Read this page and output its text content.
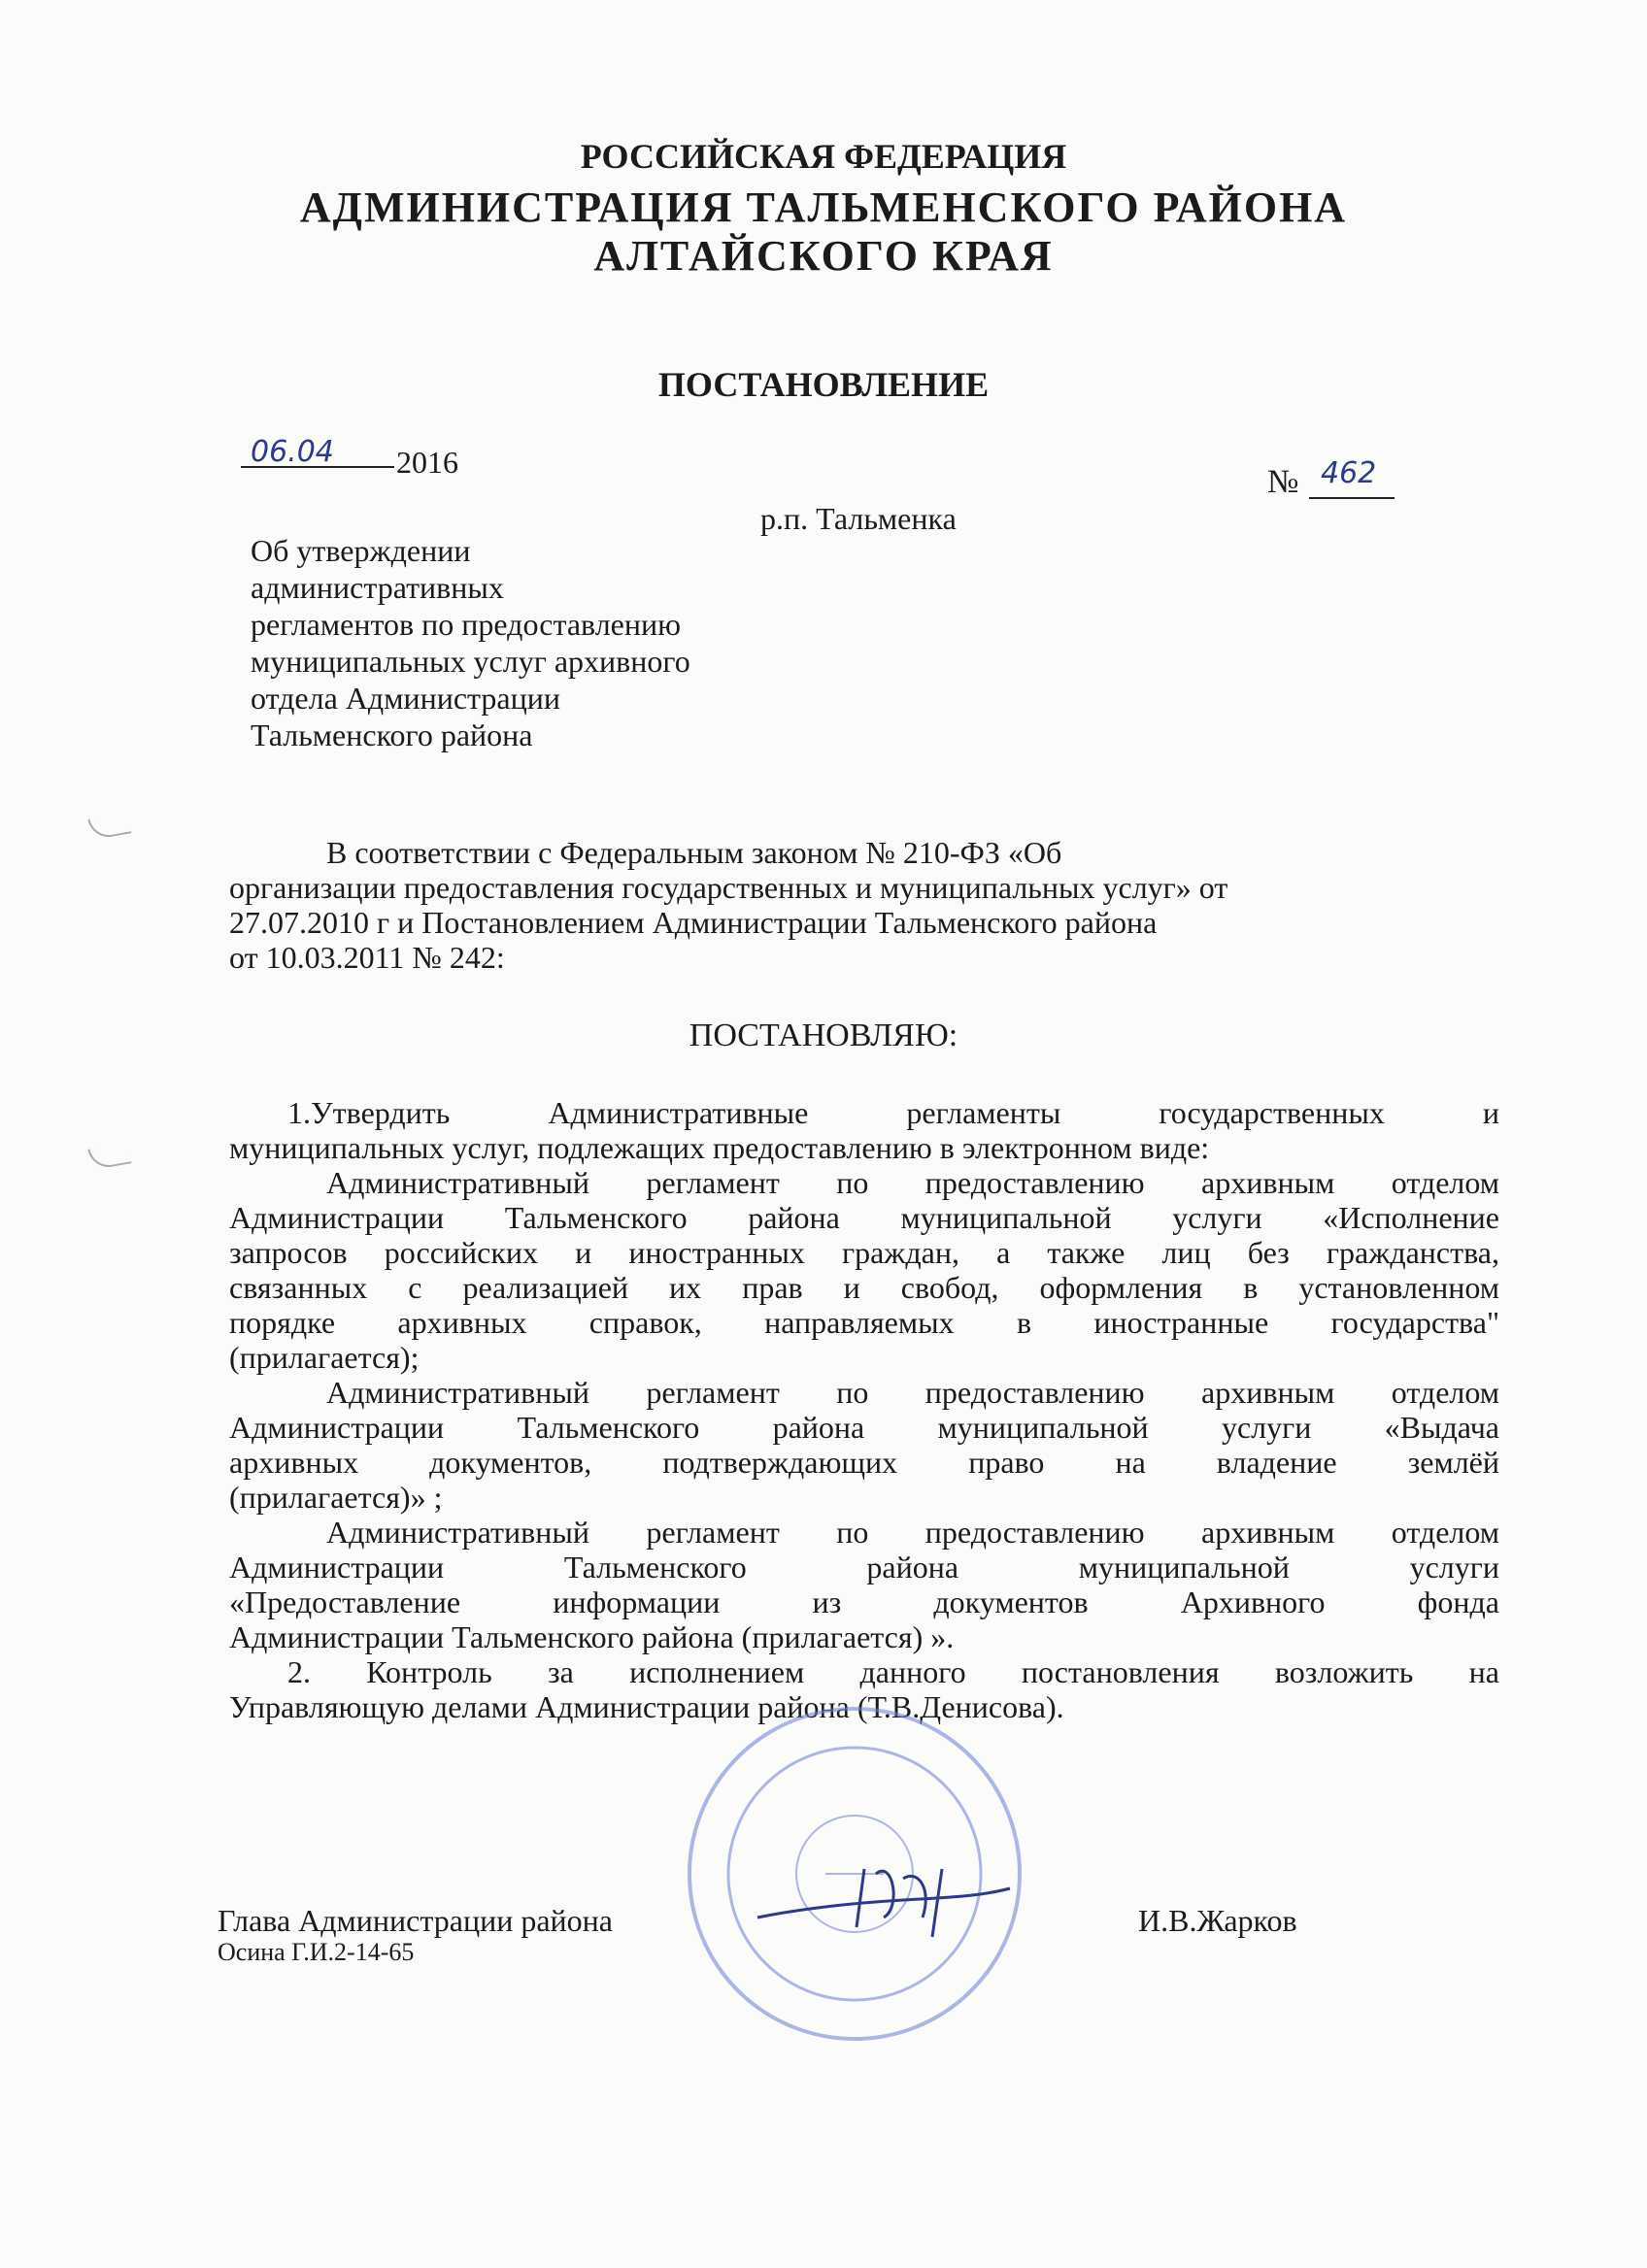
РОССИЙСКАЯ ФЕДЕРАЦИЯ
АДМИНИСТРАЦИЯ ТАЛЬМЕНСКОГО РАЙОНА
АЛТАЙСКОГО КРАЯ
ПОСТАНОВЛЕНИЕ
06.04 2016
№ 462
р.п. Тальменка
Об утверждении
административных
регламентов по предоставлению
муниципальных услуг архивного
отдела Администрации
Тальменского района
В соответствии с Федеральным законом № 210-ФЗ «Об
организации предоставления государственных и муниципальных услуг» от
27.07.2010 г и Постановлением Администрации Тальменского района
от 10.03.2011 № 242:
ПОСТАНОВЛЯЮ:
1.Утвердить Административные регламенты государственных и
муниципальных услуг, подлежащих предоставлению в электронном виде:
Административный регламент по предоставлению архивным отделом
Администрации Тальменского района муниципальной услуги «Исполнение
запросов российских и иностранных граждан, а также лиц без гражданства,
связанных с реализацией их прав и свобод, оформления в установленном
порядке архивных справок, направляемых в иностранные государства"
(прилагается);
Административный регламент по предоставлению архивным отделом
Администрации Тальменского района муниципальной услуги «Выдача
архивных документов, подтверждающих право на владение землёй
(прилагается)» ;
Административный регламент по предоставлению архивным отделом
Администрации Тальменского района муниципальной услуги
«Предоставление информации из документов Архивного фонда
Администрации Тальменского района (прилагается) ».
2. Контроль за исполнением данного постановления возложить на
Управляющую делами Администрации района (Т.В.Денисова).
Глава Администрации района	И.В.Жарков
Осина Г.И.2-14-65
